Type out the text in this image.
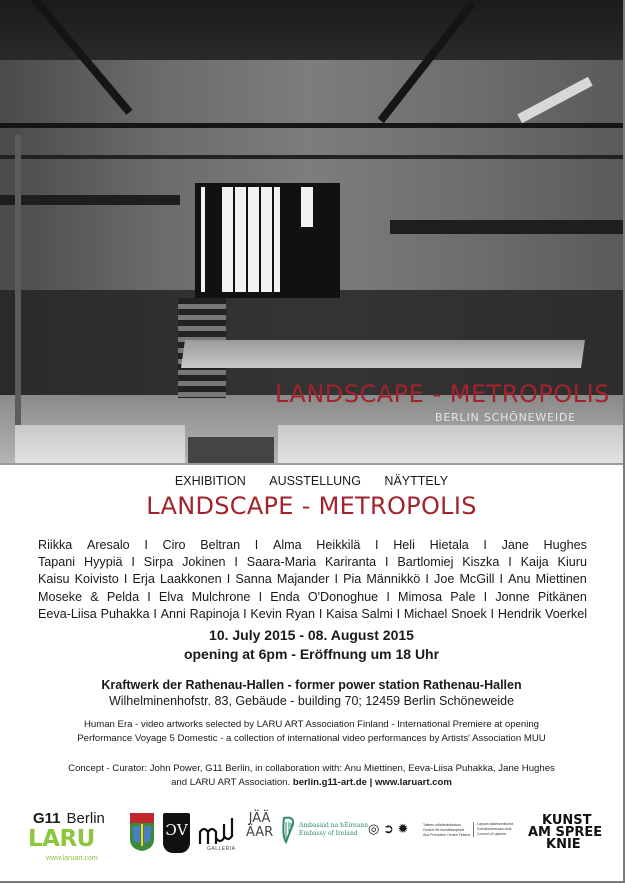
LANDSCAPE - METROPOLIS
BERLIN SCHÖNEWEIDE
EXHIBITION AUSSTELLUNG NÄYTTELY
LANDSCAPE - METROPOLIS
Riikka Aresalo I Ciro Beltran I Alma Heikkilä I Heli Hietala I Jane Hughes
Tapani Hyypiä I Sirpa Jokinen I Saara-Maria Kariranta I Bartlomiej Kiszka I Kaija Kiuru
Kaisu Koivisto I Erja Laakkonen I Sanna Majander I Pia Männikkö I Joe McGill I Anu Miettinen
Moseke & Pelda I Elva Mulchrone I Enda O'Donoghue I Mimosa Pale I Jonne Pitkänen
Eeva-Liisa Puhakka I Anni Rapinoja I Kevin Ryan I Kaisa Salmi I Michael Snoek I Hendrik Voerkel
10. July 2015 - 08. August 2015
opening at 6pm - Eröffnung um 18 Uhr
Kraftwerk der Rathenau-Hallen - former power station Rathenau-Hallen
Wilhelminenhofstr. 83, Gebäude - building 70; 12459 Berlin Schöneweide
Human Era - video artworks selected by LARU ART Association Finland - International Premiere at opening
Performance Voyage 5 Domestic - a collection of international video performances by Artists' Association MUU
Concept - Curator: John Power, G11 Berlin, in collaboration with: Anu Miettinen, Eeva-Liisa Puhakka, Jane Hughes
and LARU ART Association. berlin.g11-art.de | www.laruart.com
G11 Berlin
LARU
www.laruart.com
ƆV
GALLERIA
JÄÄ
ÄAR	Ambasáid na hÉireann
Embassy of Ireland ◎ ➲ ✹	Taiteen edistämiskeskus Centret för konstfrämjande Arts Promotion Centre Finland
Lapuan taidetoimikunta Konstkommission Arts Council of Lapland
KUNST
AM SPREE
KNIE
